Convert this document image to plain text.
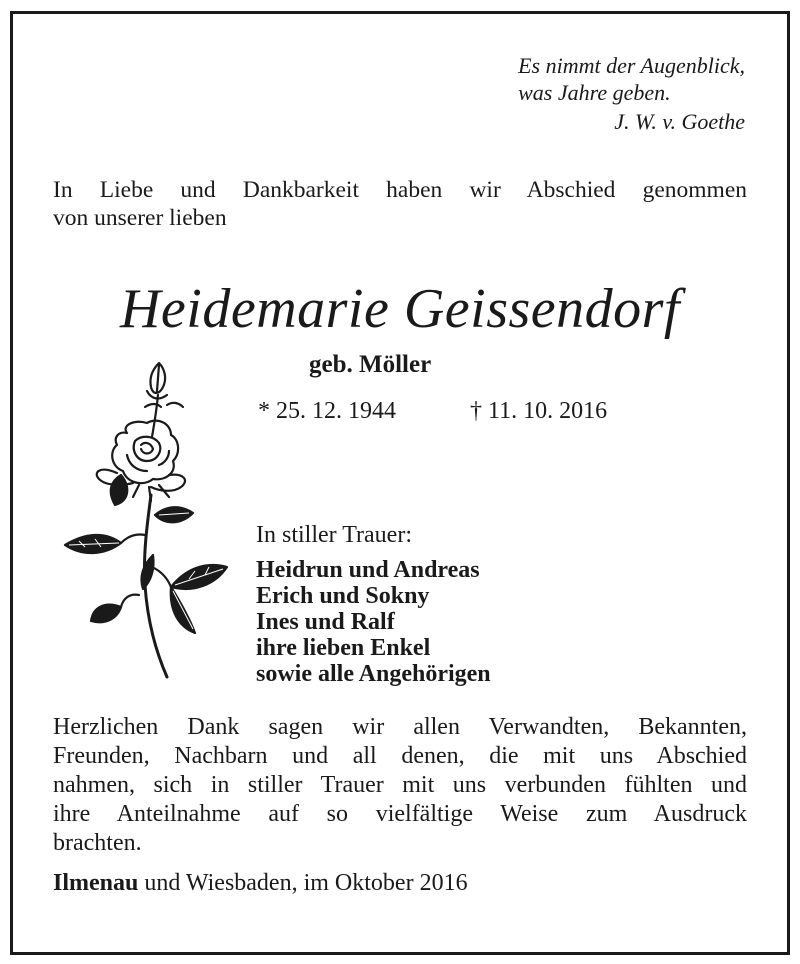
Es nimmt der Augenblick,
was Jahre geben.
J. W. v. Goethe
In Liebe und Dankbarkeit haben wir Abschied genommen
von unserer lieben
Heidemarie Geissendorf
geb. Möller
* 25. 12. 1944	† 11. 10. 2016
In stiller Trauer:
Heidrun und Andreas
Erich und Sokny
Ines und Ralf
ihre lieben Enkel
sowie alle Angehörigen
Herzlichen Dank sagen wir allen Verwandten, Bekannten,
Freunden, Nachbarn und all denen, die mit uns Abschied
nahmen, sich in stiller Trauer mit uns verbunden fühlten und
ihre Anteilnahme auf so vielfältige Weise zum Ausdruck
brachten.
Ilmenau und Wiesbaden, im Oktober 2016
